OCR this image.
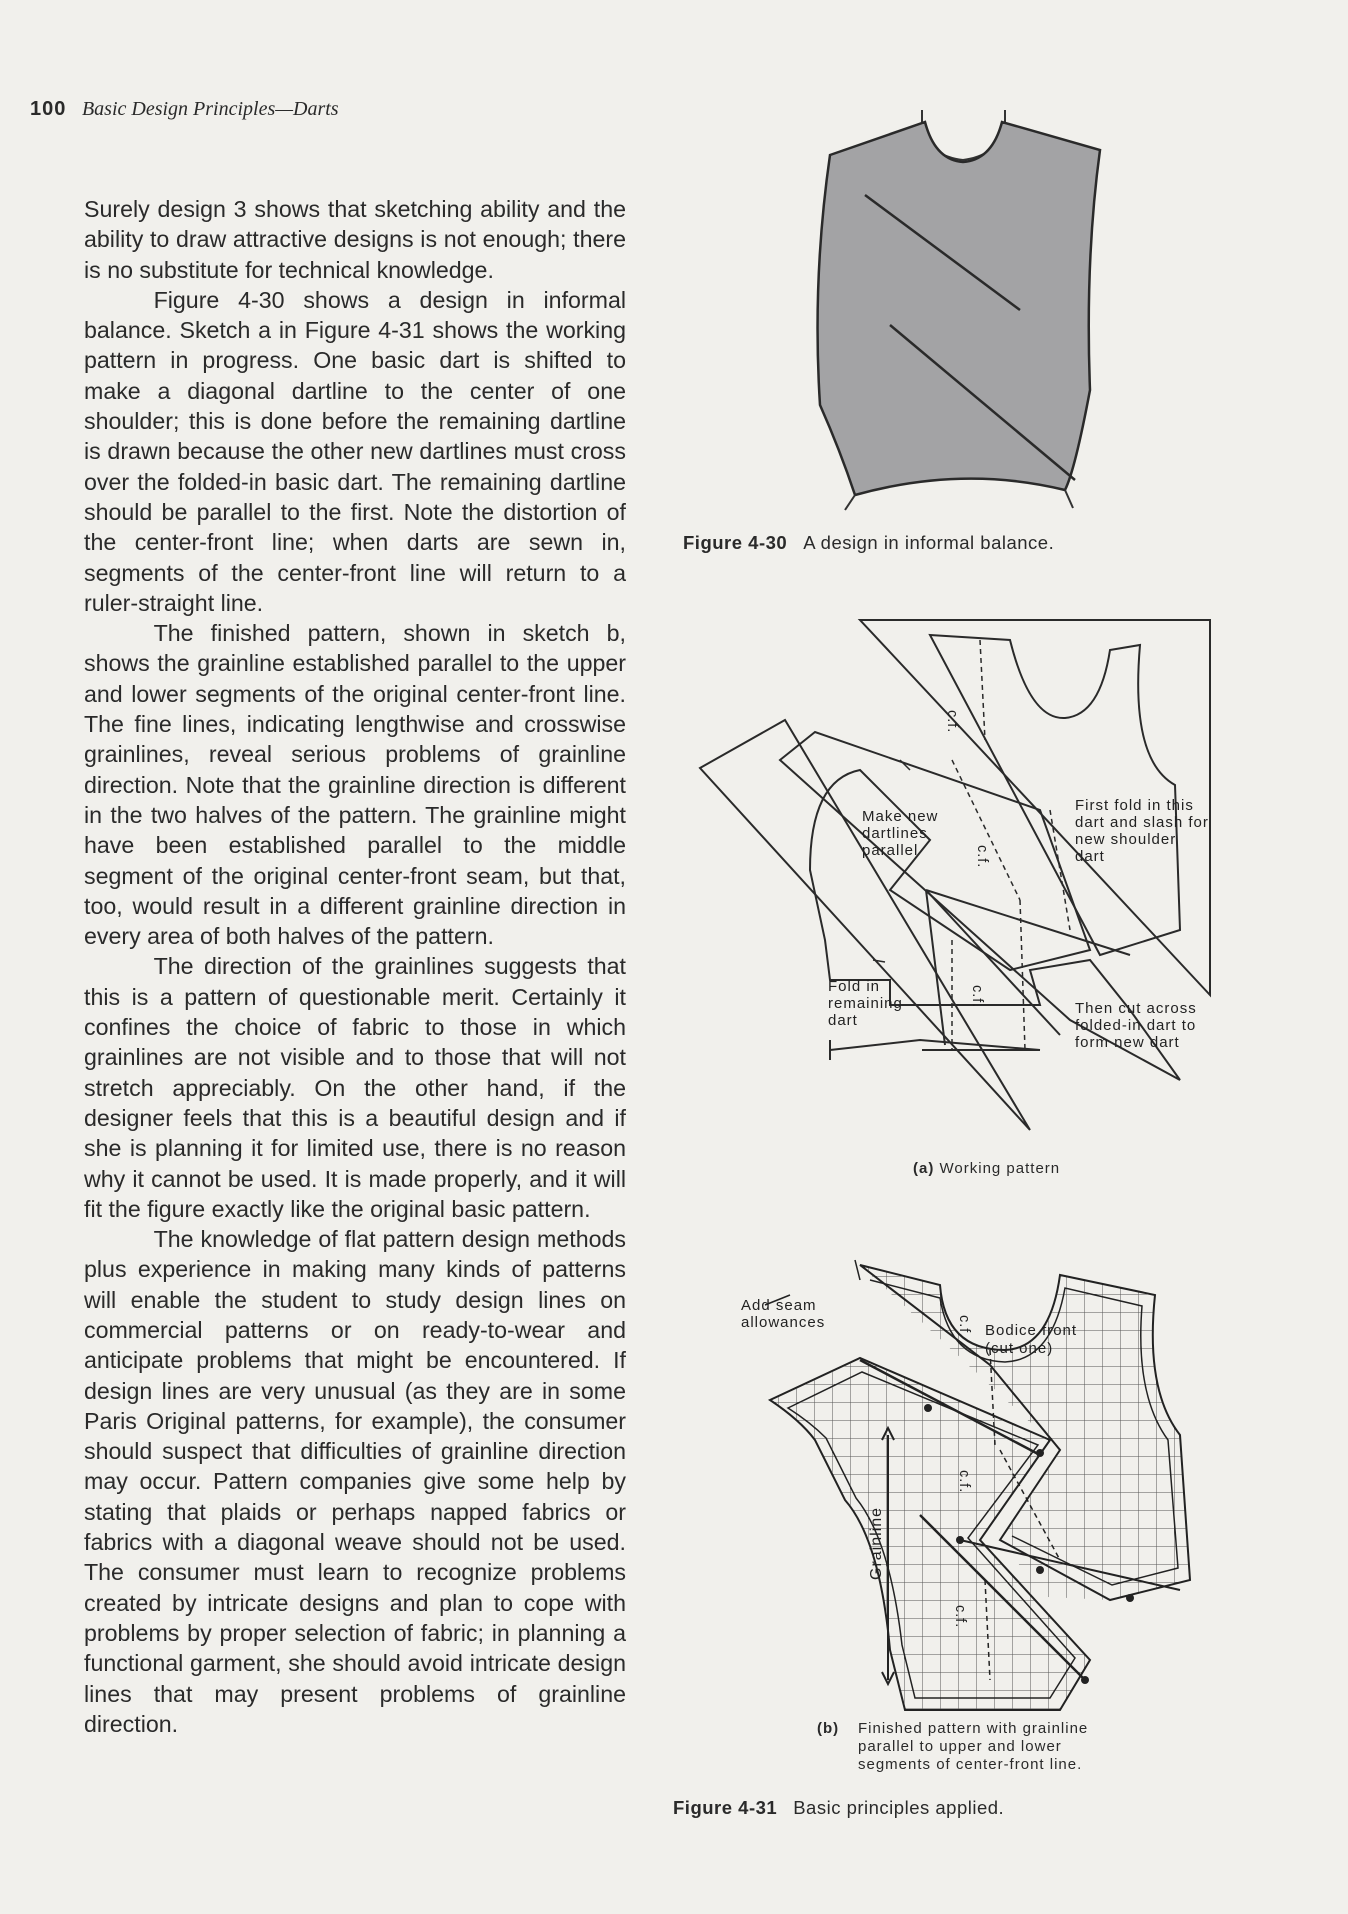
100 Basic Design Principles—Darts

Surely design 3 shows that sketching ability and the ability to draw attractive designs is not enough; there is no substitute for technical knowledge.

Figure 4-30 shows a design in informal balance. Sketch a in Figure 4-31 shows the working pattern in progress. One basic dart is shifted to make a diagonal dartline to the center of one shoulder; this is done before the remaining dartline is drawn because the other new dartlines must cross over the folded-in basic dart. The remaining dartline should be parallel to the first. Note the distortion of the center-front line; when darts are sewn in, segments of the center-front line will return to a ruler-straight line.

The finished pattern, shown in sketch b, shows the grainline established parallel to the upper and lower segments of the original center-front line. The fine lines, indicating lengthwise and crosswise grainlines, reveal serious problems of grainline direction. Note that the grainline direction is different in the two halves of the pattern. The grainline might have been established parallel to the middle segment of the original center-front seam, but that, too, would result in a different grainline direction in every area of both halves of the pattern.

The direction of the grainlines suggests that this is a pattern of questionable merit. Certainly it confines the choice of fabric to those in which grainlines are not visible and to those that will not stretch appreciably. On the other hand, if the designer feels that this is a beautiful design and if she is planning it for limited use, there is no reason why it cannot be used. It is made properly, and it will fit the figure exactly like the original basic pattern.

The knowledge of flat pattern design methods plus experience in making many kinds of patterns will enable the student to study design lines on commercial patterns or on ready-to-wear and anticipate problems that might be encountered. If design lines are very unusual (as they are in some Paris Original patterns, for example), the consumer should suspect that difficulties of grainline direction may occur. Pattern companies give some help by stating that plaids or perhaps napped fabrics or fabrics with a diagonal weave should not be used. The consumer must learn to recognize problems created by intricate designs and plan to cope with problems by proper selection of fabric; in planning a functional garment, she should avoid intricate design lines that may present problems of grainline direction.

Figure 4-30 A design in informal balance.
c.f.
Make new dartlines parallel
First fold in this dart and slash for new shoulder dart
Fold in remaining dart
Then cut across folded-in dart to form new dart
c.f.
c.f.
(a) Working pattern
Add seam allowances	Bodice front
(cut one)
c.f.
c.f.
c.f.
Grainline
(b) Finished pattern with grainline
parallel to upper and lower
segments of center-front line.
Figure 4-31 Basic principles applied.
